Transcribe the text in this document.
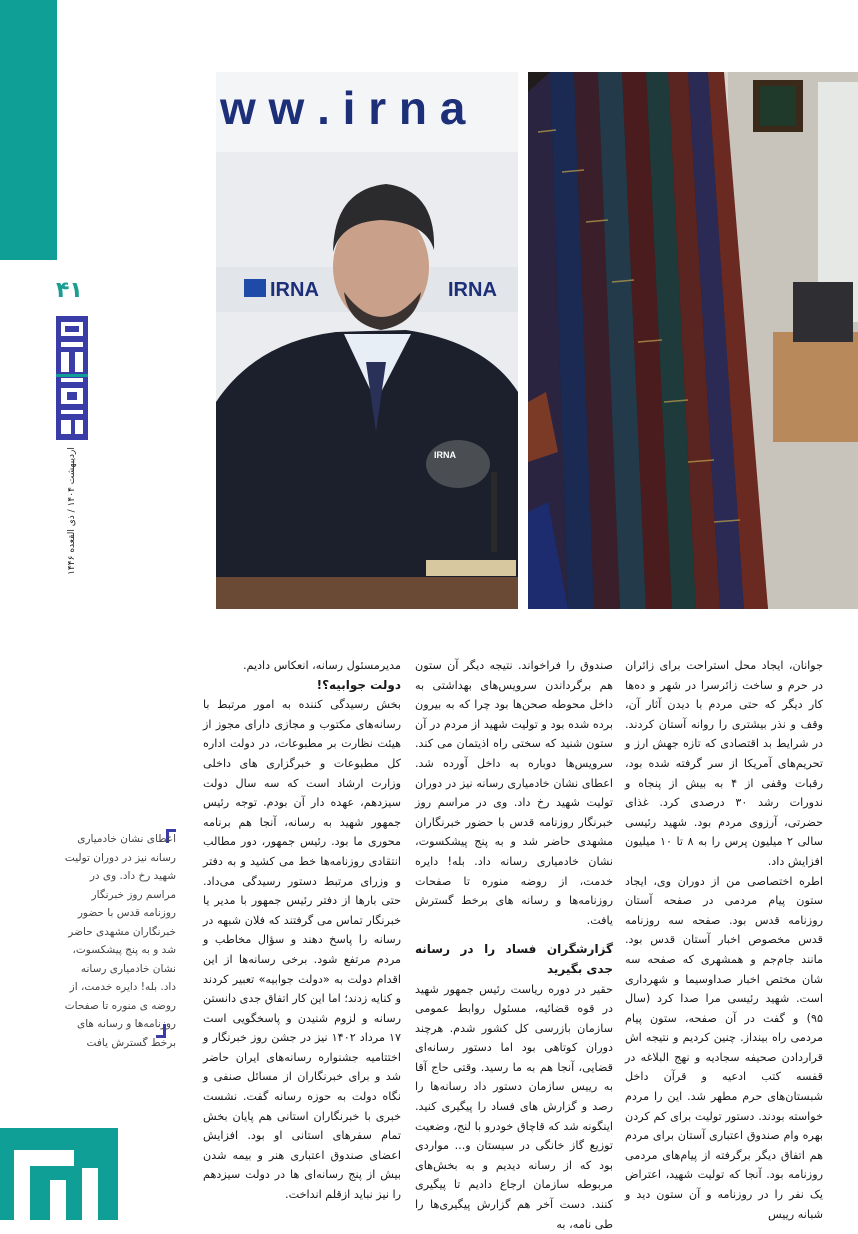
۴۱
اردیبهشت ۱۴۰۴ / ذی القعده ۱۴۴۶
w w . i r n a
IRNA	IRNA
IRNA

جوانان، ایجاد محل استراحت برای زائران در حرم و ساخت زائرسرا در شهر و ده‌ها کار دیگر که حتی مردم با دیدن آثار آن، وقف و نذر بیشتری را روانه آستان کردند. در شرایط بد اقتصادی که تازه جهش ارز و تحریم‌های آمریکا از سر گرفته شده بود، رقبات وقفی از ۴ به بیش از پنجاه و ندورات رشد ۳۰ درصدی کرد. غذای حضرتی، آرزوی مردم بود. شهید رئیسی سالی ۲ میلیون پرس را به ۸ تا ۱۰ میلیون افزایش داد.

اطره اختصاصی من از دوران وی، ایجاد ستون پیام مردمی در صفحه آستان روزنامه قدس بود. صفحه سه روزنامه قدس مخصوص اخبار آستان قدس بود. مانند جام‌جم و همشهری که صفحه سه شان مختص اخبار صداوسیما و شهرداری است. شهید رئیسی مرا صدا کرد (سال ۹۵) و گفت در آن صفحه، ستون پیام مردمی راه بینداز. چنین کردیم و نتیجه اش قراردادن صحیفه سجادیه و نهج البلاغه در قفسه کتب ادعیه و قرآن داخل شبستان‌های حرم مطهر شد. این را مردم خواسته بودند. دستور تولیت برای کم کردن بهره وام صندوق اعتباری آستان برای مردم هم اتفاق دیگر برگرفته از پیام‌های مردمی روزنامه بود. آنجا که تولیت شهید، اعتراض یک نفر را در روزنامه و آن ستون دید و شبانه رییس

صندوق را فراخواند. نتیجه دیگر آن ستون هم برگرداندن سرویس‌های بهداشتی به داخل محوطه صحن‌ها بود چرا که به بیرون برده شده بود و تولیت شهید از مردم در آن ستون شنید که سختی راه اذیتمان می کند. سرویس‌ها دوباره به داخل آورده شد. اعطای نشان خادمیاری رسانه نیز در دوران تولیت شهید رخ داد. وی در مراسم روز خبرنگار روزنامه قدس با حضور خبرنگاران مشهدی حاضر شد و به پنج پیشکسوت، نشان خادمیاری رسانه داد. بله! دایره خدمت، از روضه منوره تا صفحات روزنامه‌ها و رسانه های برخط گسترش یافت.

گزارشگران فساد را در رسانه جدی بگیرید

حقیر در دوره ریاست رئیس جمهور شهید در قوه قضائیه، مسئول روابط عمومی سازمان بازرسی کل کشور شدم. هرچند دوران کوتاهی بود اما دستور رسانه‌ای قضایی، آنجا هم به ما رسید. وقتی حاج آقا به رییس سازمان دستور داد رسانه‌ها را رصد و گزارش های فساد را پیگیری کنید. اینگونه شد که قاچاق خودرو با لنج، وضعیت توزیع گاز خانگی در سیستان و... مواردی بود که از رسانه دیدیم و به بخش‌های مربوطه سازمان ارجاع دادیم تا پیگیری کنند. دست آخر هم گزارش پیگیری‌ها را طی نامه، به

مدیرمسئول رسانه، انعکاس دادیم.

دولت جوابیه؟!

بخش رسیدگی کننده به امور مرتبط با رسانه‌های مکتوب و مجازی دارای مجوز از هیئت نظارت بر مطبوعات، در دولت اداره کل مطبوعات و خبرگزاری های داخلی وزارت ارشاد است که سه سال دولت سیزدهم، عهده دار آن بودم. توجه رئیس جمهور شهید به رسانه، آنجا هم برنامه محوری ما بود. رئیس جمهور، دور مطالب انتقادی روزنامه‌ها خط می کشید و به دفتر و وزرای مرتبط دستور رسیدگی می‌داد. حتی بارها از دفتر رئیس جمهور با مدیر یا خبرنگار تماس می گرفتند که فلان شبهه در رسانه را پاسخ دهند و سؤال مخاطب و مردم مرتفع شود. برخی رسانه‌ها از این اقدام دولت به «دولت جوابیه» تعبیر کردند و کنایه زدند؛ اما این کار اتفاق جدی دانستن رسانه و لزوم شنیدن و پاسخگویی است ۱۷ مرداد ۱۴۰۲ نیز در جشن روز خبرنگار و اختتامیه جشنواره رسانه‌های ایران حاضر شد و برای خبرنگاران از مسائل صنفی و نگاه دولت به حوزه رسانه گفت. نشست خبری با خبرنگاران استانی هم پایان بخش تمام سفرهای استانی او بود. افزایش اعضای صندوق اعتباری هنر و بیمه شدن بیش از پنج رسانه‌ای ها در دولت سیزدهم را نیز نباید ازقلم انداخت.

اعطای نشان خادمیاری رسانه نیز در دوران تولیت شهید رخ داد. وی در مراسم روز خبرنگار روزنامه قدس با حضور خبرنگاران مشهدی حاضر شد و به پنج پیشکسوت، نشان خادمیاری رسانه داد. بله! دایره خدمت، از روضه ی منوره تا صفحات روزنامه‌ها و رسانه های برخط گسترش یافت
